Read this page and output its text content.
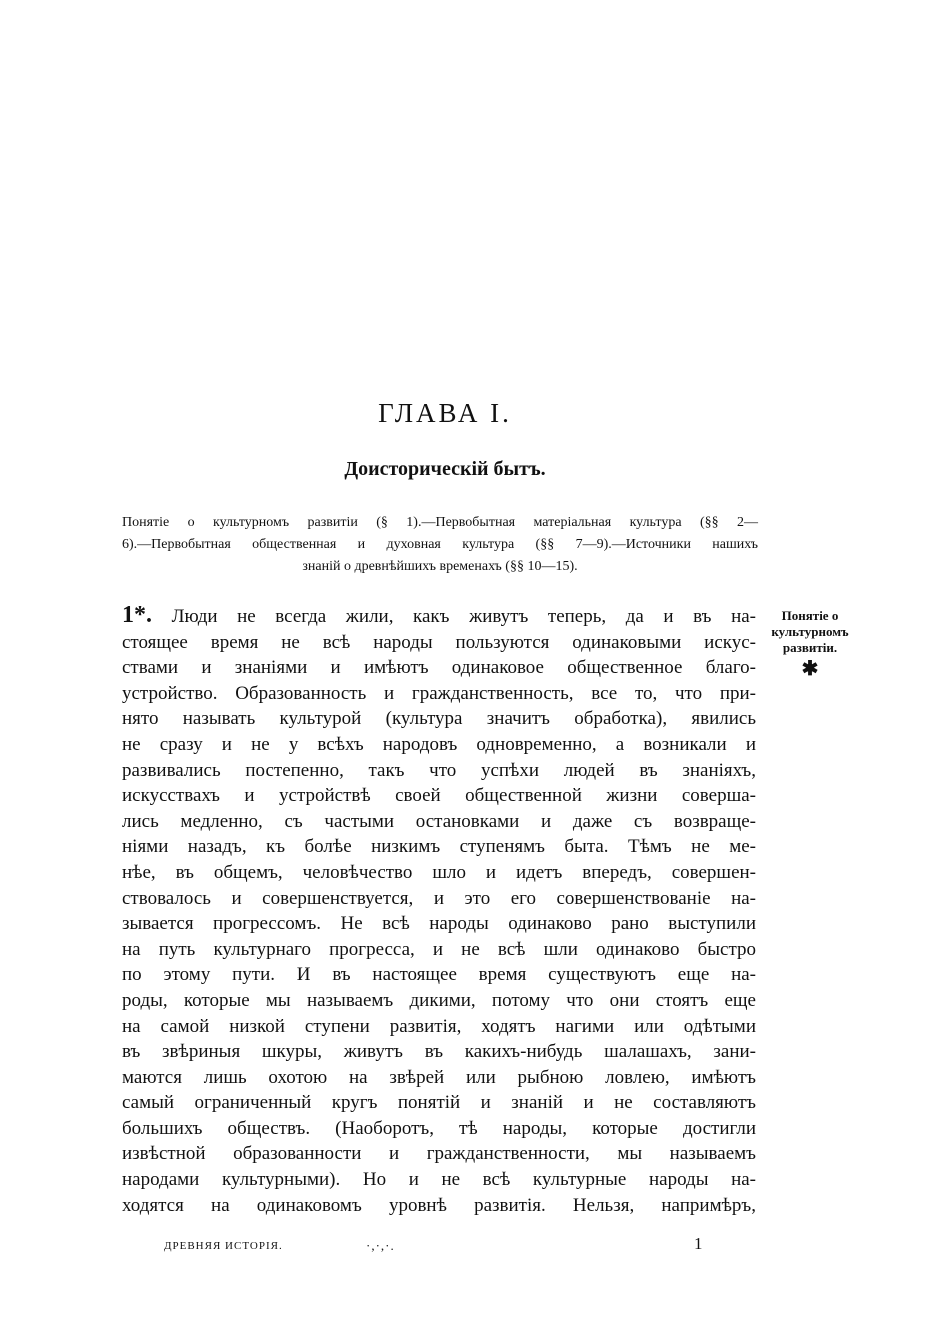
ГЛАВА I.
Доисторическій бытъ.
Понятіе о культурномъ развитіи (§ 1).—Первобытная матеріальная культура (§§ 2—
6).—Первобытная общественная и духовная культура (§§ 7—9).—Источники нашихъ
знаній о древнѣйшихъ временахъ (§§ 10—15).
1*. Люди не всегда жили, какъ живутъ теперь, да и въ на-
стоящее время не всѣ народы пользуются одинаковыми искус-
ствами и знаніями и имѣютъ одинаковое общественное благо-
устройство. Образованность и гражданственность, все то, что при-
нято называть культурой (культура значитъ обработка), явились
не сразу и не у всѣхъ народовъ одновременно, а возникали и
развивались постепенно, такъ что успѣхи людей въ знаніяхъ,
искусствахъ и устройствѣ своей общественной жизни соверша-
лись медленно, съ частыми остановками и даже съ возвраще-
ніями назадъ, къ болѣе низкимъ ступенямъ быта. Тѣмъ не ме-
нѣе, въ общемъ, человѣчество шло и идетъ впередъ, совершен-
ствовалось и совершенствуется, и это его совершенствованіе на-
зывается прогрессомъ. Не всѣ народы одинаково рано выступили
на путь культурнаго прогресса, и не всѣ шли одинаково быстро
по этому пути. И въ настоящее время существуютъ еще на-
роды, которые мы называемъ дикими, потому что они стоятъ еще
на самой низкой ступени развитія, ходятъ нагими или одѣтыми
въ звѣриныя шкуры, живутъ въ какихъ-нибудь шалашахъ, зани-
маются лишь охотою на звѣрей или рыбною ловлею, имѣютъ
самый ограниченный кругъ понятій и знаній и не составляютъ
большихъ обществъ. (Наоборотъ, тѣ народы, которые достигли
извѣстной образованности и гражданственности, мы называемъ
народами культурными). Но и не всѣ культурные народы на-
ходятся на одинаковомъ уровнѣ развитія. Нельзя, напримѣръ,
Понятіе о
культурномъ
развитіи.
✱
ДРЕВНЯЯ ИСТОРІЯ.	·,·,·.	1
